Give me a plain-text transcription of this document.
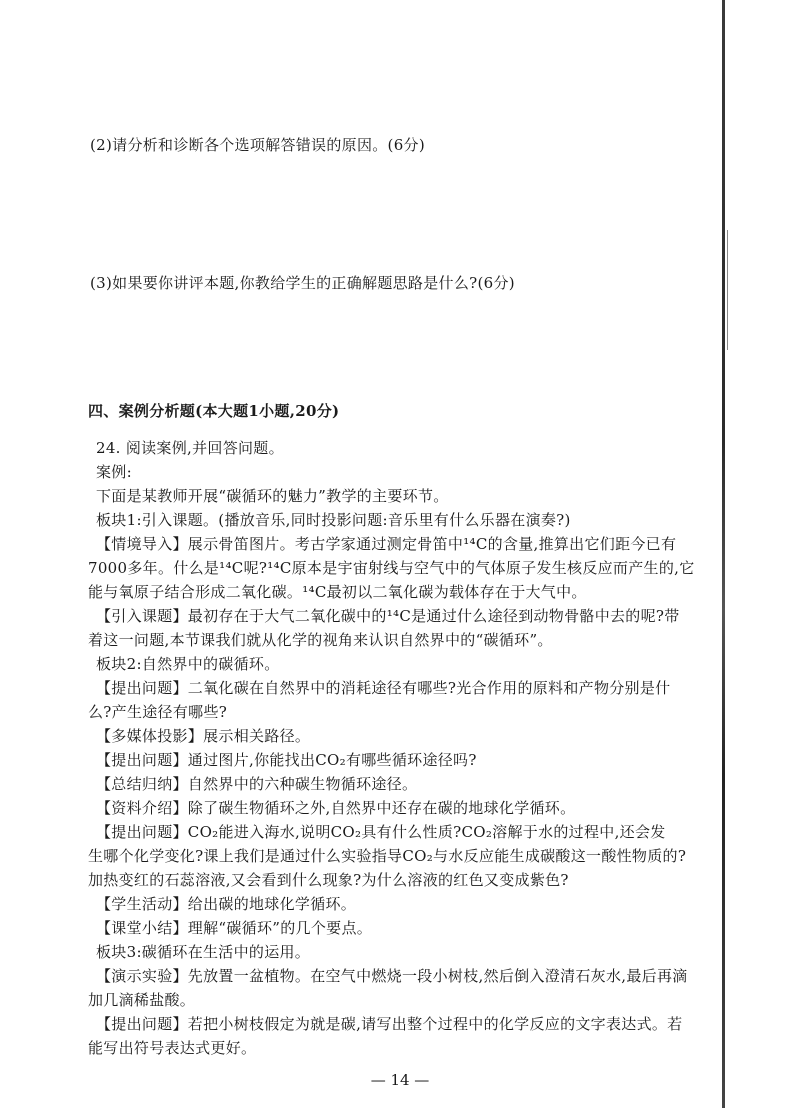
(2)请分析和诊断各个选项解答错误的原因。(6分)
(3)如果要你讲评本题,你教给学生的正确解题思路是什么?(6分)
四、案例分析题(本大题1小题,20分)
24. 阅读案例,并回答问题。
案例:
下面是某教师开展“碳循环的魅力”教学的主要环节。
板块1:引入课题。(播放音乐,同时投影问题:音乐里有什么乐器在演奏?)
【情境导入】展示骨笛图片。考古学家通过测定骨笛中¹⁴C的含量,推算出它们距今已有
7000多年。什么是¹⁴C呢?¹⁴C原本是宇宙射线与空气中的气体原子发生核反应而产生的,它
能与氧原子结合形成二氧化碳。¹⁴C最初以二氧化碳为载体存在于大气中。
【引入课题】最初存在于大气二氧化碳中的¹⁴C是通过什么途径到动物骨骼中去的呢?带
着这一问题,本节课我们就从化学的视角来认识自然界中的“碳循环”。
板块2:自然界中的碳循环。
【提出问题】二氧化碳在自然界中的消耗途径有哪些?光合作用的原料和产物分别是什
么?产生途径有哪些?
【多媒体投影】展示相关路径。
【提出问题】通过图片,你能找出CO₂有哪些循环途径吗?
【总结归纳】自然界中的六种碳生物循环途径。
【资料介绍】除了碳生物循环之外,自然界中还存在碳的地球化学循环。
【提出问题】CO₂能进入海水,说明CO₂具有什么性质?CO₂溶解于水的过程中,还会发
生哪个化学变化?课上我们是通过什么实验指导CO₂与水反应能生成碳酸这一酸性物质的?
加热变红的石蕊溶液,又会看到什么现象?为什么溶液的红色又变成紫色?
【学生活动】给出碳的地球化学循环。
【课堂小结】理解“碳循环”的几个要点。
板块3:碳循环在生活中的运用。
【演示实验】先放置一盆植物。在空气中燃烧一段小树枝,然后倒入澄清石灰水,最后再滴
加几滴稀盐酸。
【提出问题】若把小树枝假定为就是碳,请写出整个过程中的化学反应的文字表达式。若
能写出符号表达式更好。
— 14 —
